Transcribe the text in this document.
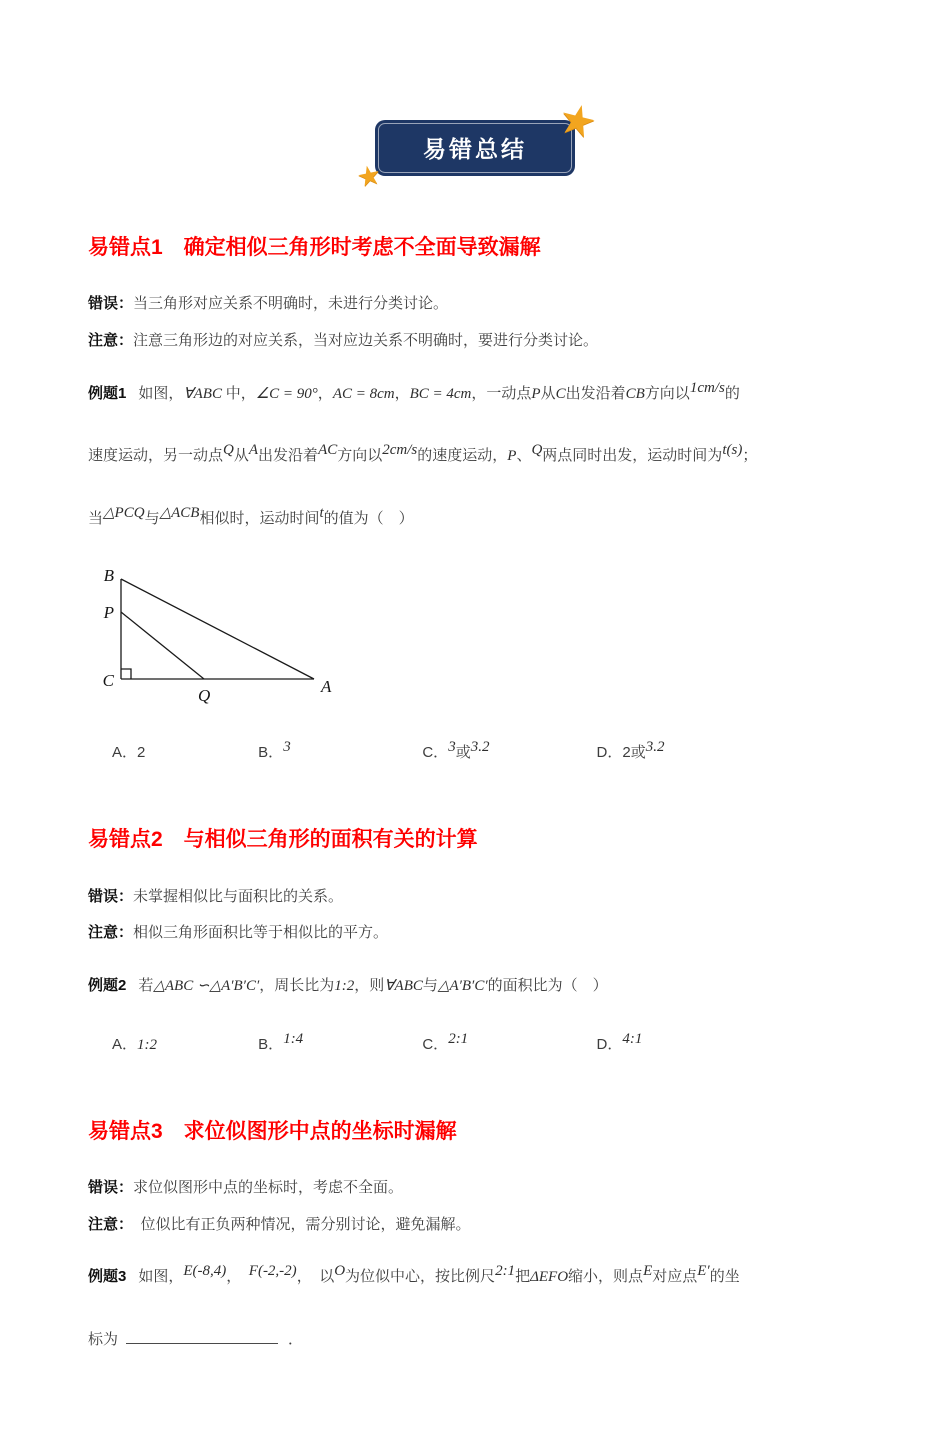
★
★
易错总结
易错点1　确定相似三角形时考虑不全面导致漏解

错误：当三角形对应关系不明确时，未进行分类讨论。

注意：注意三角形边的对应关系，当对应边关系不明确时，要进行分类讨论。

例题1 如图，∀ABC 中，∠C = 90°，AC = 8cm，BC = 4cm，一动点P从C出发沿着CB方向以1cm/s的

速度运动，另一动点Q从A出发沿着AC方向以2cm/s的速度运动，P、Q两点同时出发，运动时间为t(s)；

当△PCQ与△ACB相似时，运动时间t的值为（　）

B
P
C
Q	A
A．2	B．3	C．3或3.2	D．2或3.2
易错点2　与相似三角形的面积有关的计算

错误：未掌握相似比与面积比的关系。

注意：相似三角形面积比等于相似比的平方。

例题2 若△ABC ∽△A′B′C′，周长比为1:2，则∀ABC与△A′B′C′的面积比为（　）

A．1:2	B．1:4	C．2:1	D．4:1
易错点3　求位似图形中点的坐标时漏解

错误：求位似图形中点的坐标时，考虑不全面。

注意：　位似比有正负两种情况，需分别讨论，避免漏解。

例题3 如图，E(-8,4)，　F(-2,-2)，　以O为位似中心，按比例尺2:1把ΔEFO缩小，则点E对应点E′的坐

标为	．
